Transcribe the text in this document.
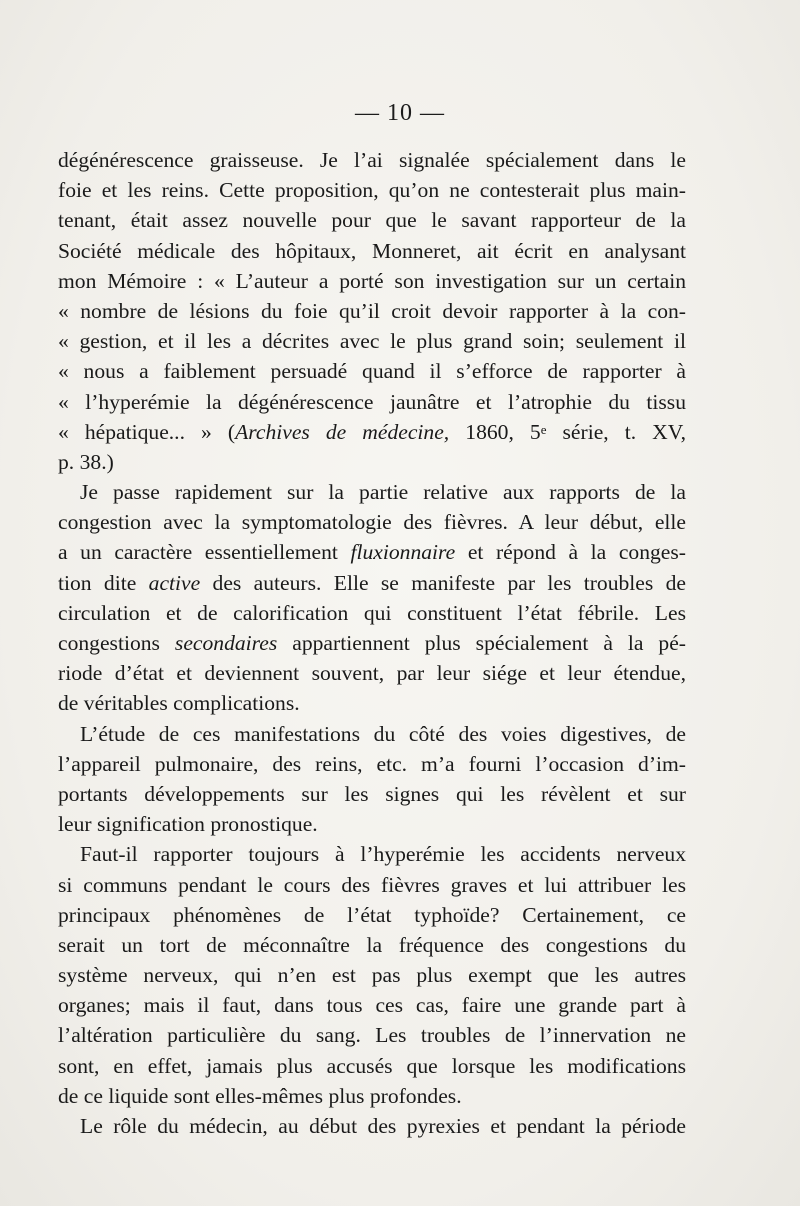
— 10 —
dégénérescence graisseuse. Je l’ai signalée spécialement dans le
foie et les reins. Cette proposition, qu’on ne contesterait plus main-
tenant, était assez nouvelle pour que le savant rapporteur de la
Société médicale des hôpitaux, Monneret, ait écrit en analysant
mon Mémoire : « L’auteur a porté son investigation sur un certain
« nombre de lésions du foie qu’il croit devoir rapporter à la con-
« gestion, et il les a décrites avec le plus grand soin; seulement il
« nous a faiblement persuadé quand il s’efforce de rapporter à
« l’hyperémie la dégénérescence jaunâtre et l’atrophie du tissu
« hépatique... » (Archives de médecine, 1860, 5e série, t. XV,
p. 38.)
Je passe rapidement sur la partie relative aux rapports de la
congestion avec la symptomatologie des fièvres. A leur début, elle
a un caractère essentiellement fluxionnaire et répond à la conges-
tion dite active des auteurs. Elle se manifeste par les troubles de
circulation et de calorification qui constituent l’état fébrile. Les
congestions secondaires appartiennent plus spécialement à la pé-
riode d’état et deviennent souvent, par leur siége et leur étendue,
de véritables complications.
L’étude de ces manifestations du côté des voies digestives, de
l’appareil pulmonaire, des reins, etc. m’a fourni l’occasion d’im-
portants développements sur les signes qui les révèlent et sur
leur signification pronostique.
Faut-il rapporter toujours à l’hyperémie les accidents nerveux
si communs pendant le cours des fièvres graves et lui attribuer les
principaux phénomènes de l’état typhoïde? Certainement, ce
serait un tort de méconnaître la fréquence des congestions du
système nerveux, qui n’en est pas plus exempt que les autres
organes; mais il faut, dans tous ces cas, faire une grande part à
l’altération particulière du sang. Les troubles de l’innervation ne
sont, en effet, jamais plus accusés que lorsque les modifications
de ce liquide sont elles-mêmes plus profondes.
Le rôle du médecin, au début des pyrexies et pendant la période
